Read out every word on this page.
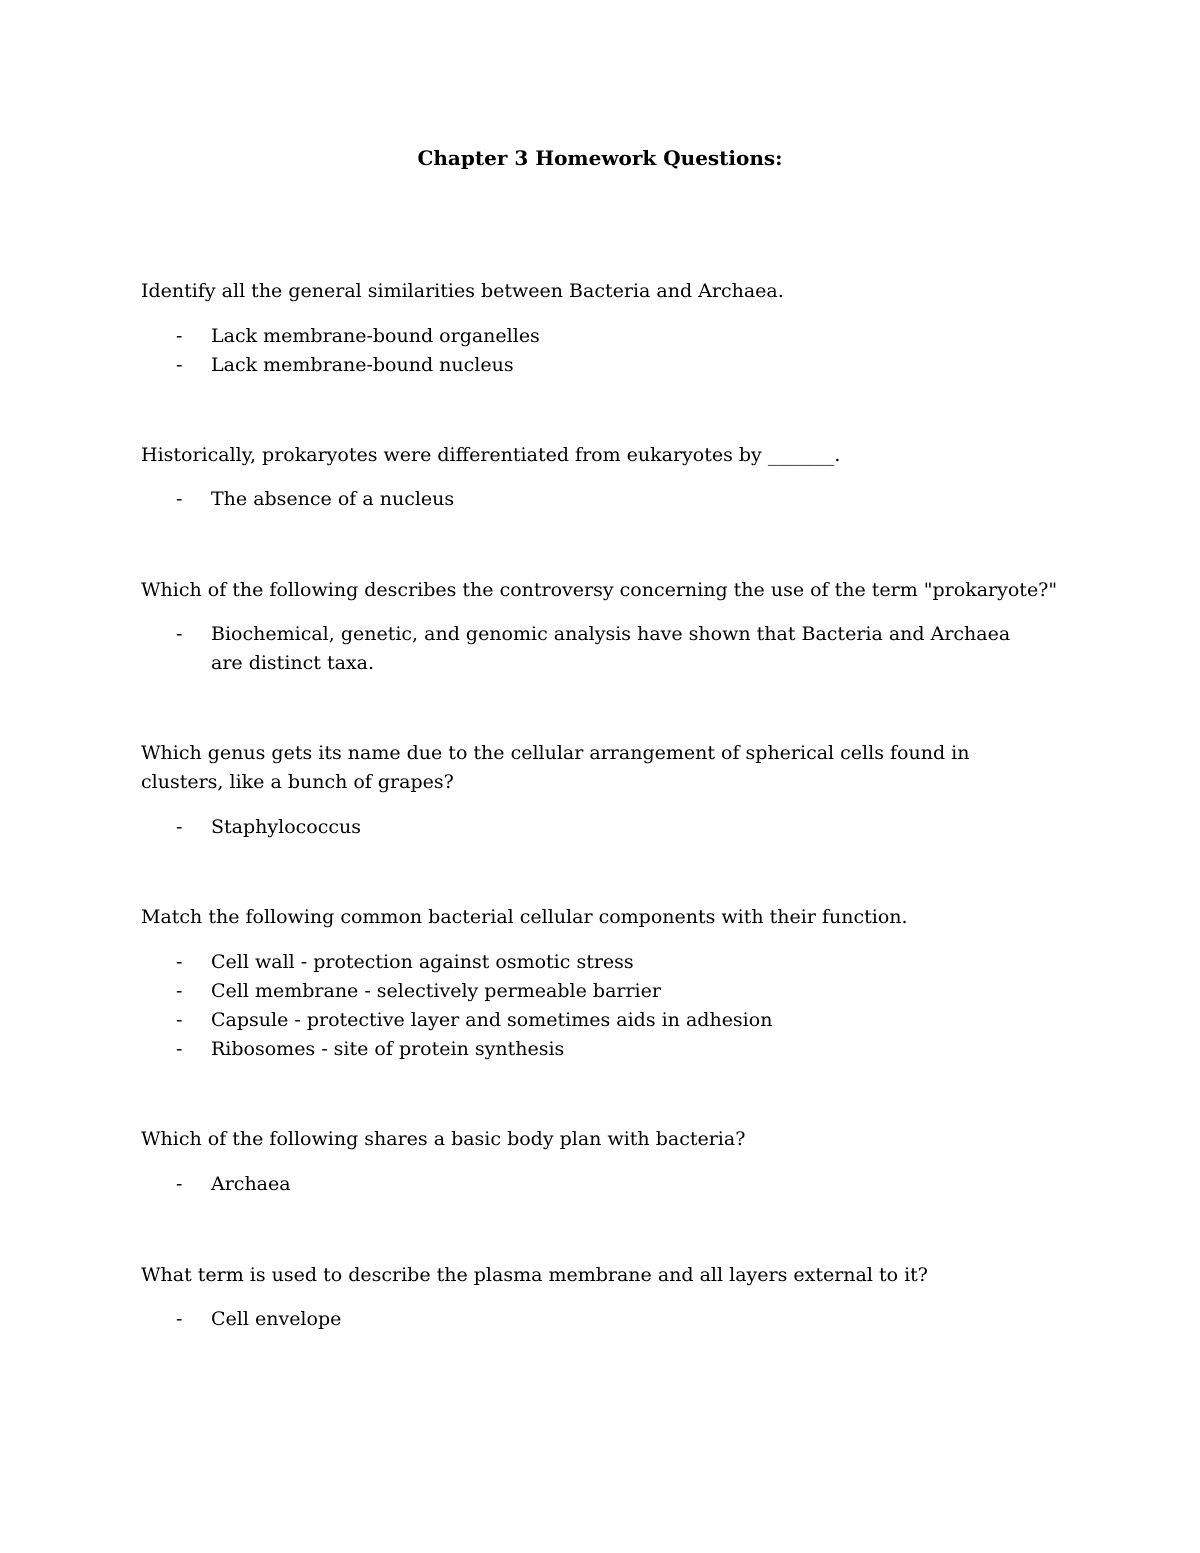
Chapter 3 Homework Questions:
Identify all the general similarities between Bacteria and Archaea.
- Lack membrane-bound organelles
- Lack membrane-bound nucleus
Historically, prokaryotes were differentiated from eukaryotes by _______.
- The absence of a nucleus
Which of the following describes the controversy concerning the use of the term "prokaryote?"
- Biochemical, genetic, and genomic analysis have shown that Bacteria and Archaea are distinct taxa.
Which genus gets its name due to the cellular arrangement of spherical cells found in clusters, like a bunch of grapes?
- Staphylococcus
Match the following common bacterial cellular components with their function.
- Cell wall - protection against osmotic stress
- Cell membrane - selectively permeable barrier
- Capsule - protective layer and sometimes aids in adhesion
- Ribosomes - site of protein synthesis
Which of the following shares a basic body plan with bacteria?
- Archaea
What term is used to describe the plasma membrane and all layers external to it?
- Cell envelope
